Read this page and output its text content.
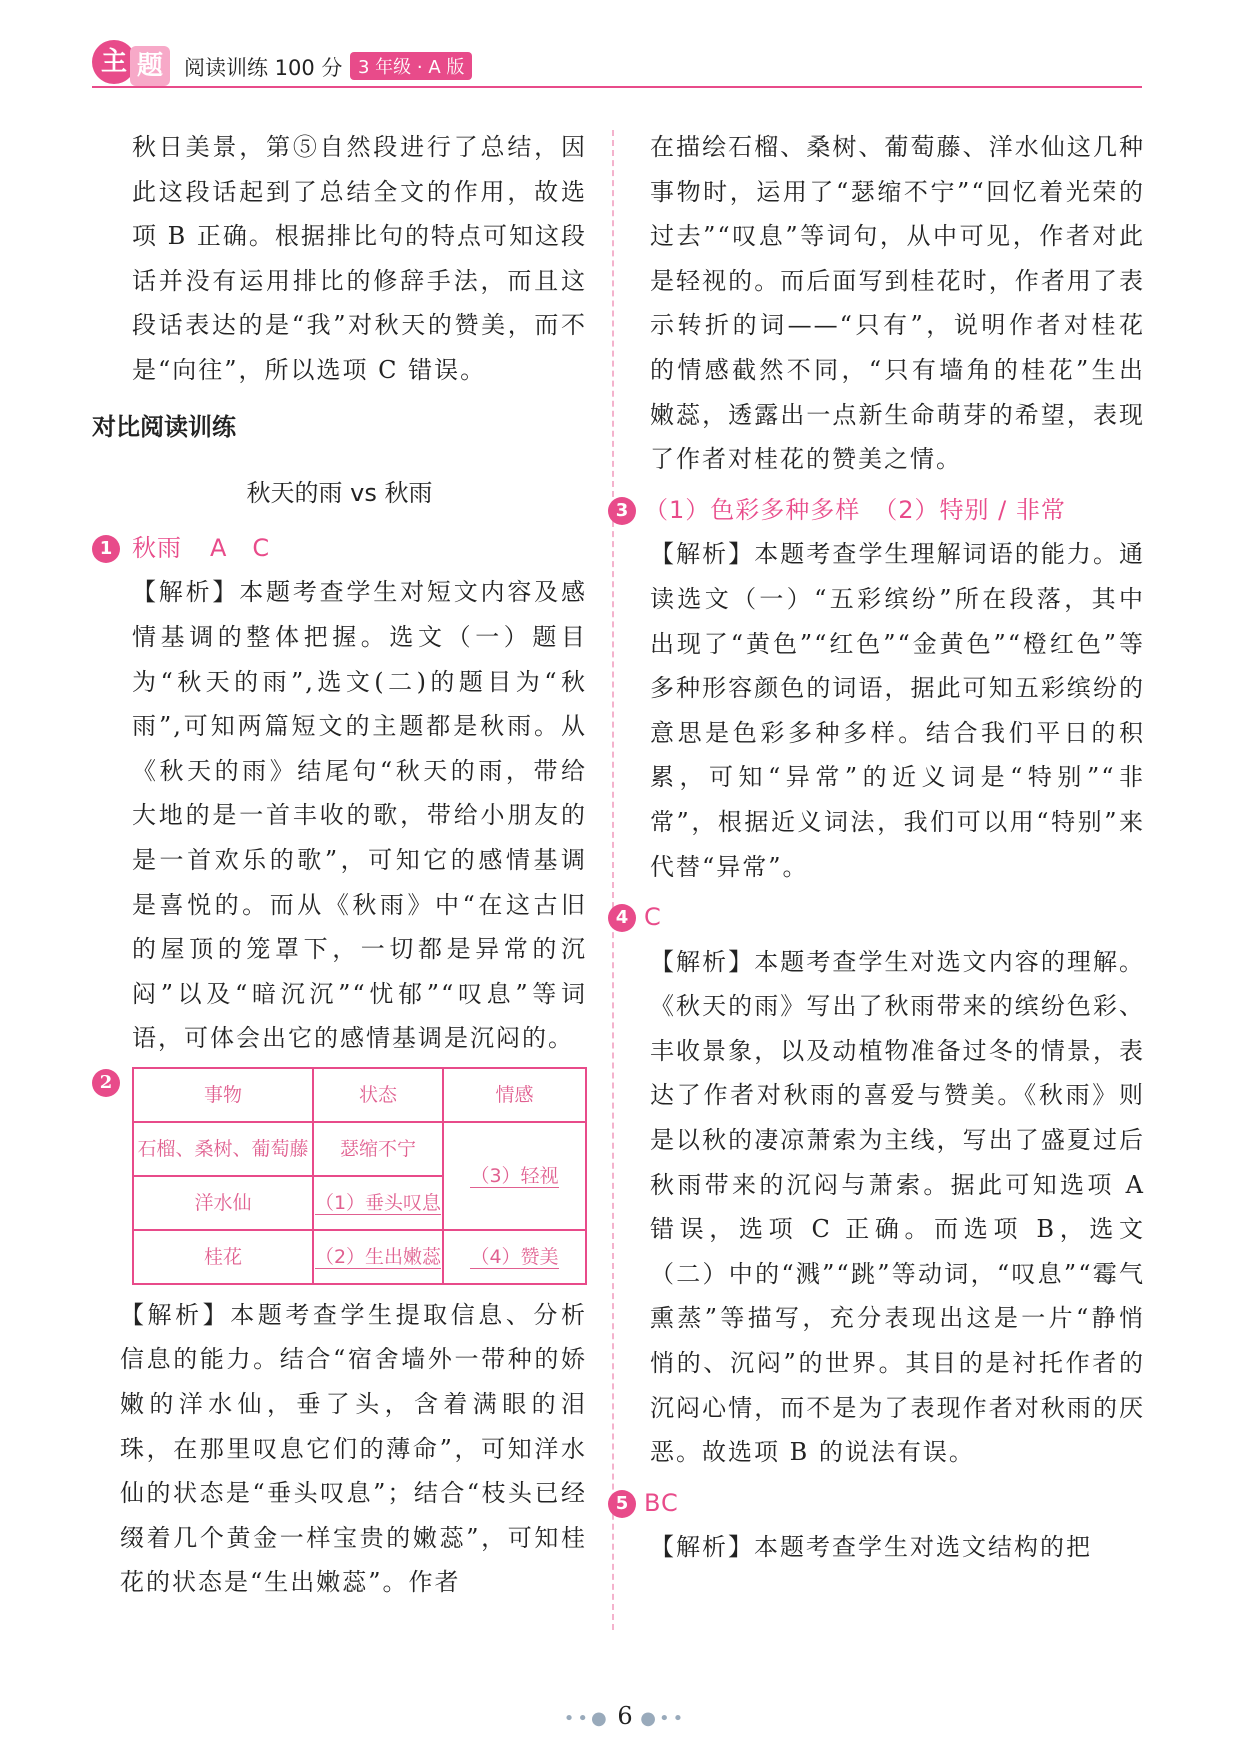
主 题	阅读训练 100 分 3 年级 · A 版

秋日美景，第⑤自然段进行了总结，因此这段话起到了总结全文的作用，故选项 B 正确。根据排比句的特点可知这段话并没有运用排比的修辞手法，而且这段话表达的是“我”对秋天的赞美，而不是“向往”，所以选项 C 错误。

对比阅读训练
秋天的雨 vs 秋雨
1 秋雨 A　C

【解析】本题考查学生对短文内容及感情基调的整体把握。选文（一）题目为“秋天的雨”,选文(二)的题目为“秋雨”,可知两篇短文的主题都是秋雨。从《秋天的雨》结尾句“秋天的雨，带给大地的是一首丰收的歌，带给小朋友的是一首欢乐的歌”，可知它的感情基调是喜悦的。而从《秋雨》中“在这古旧的屋顶的笼罩下，一切都是异常的沉闷”以及“暗沉沉”“忧郁”“叹息”等词语，可体会出它的感情基调是沉闷的。

2
事物	状态	情感
石榴、桑树、葡萄藤	瑟缩不宁	（3）轻视
洋水仙	（1）垂头叹息	
桂花	（2）生出嫩蕊	（4）赞美

【解析】本题考查学生提取信息、分析信息的能力。结合“宿舍墙外一带种的娇嫩的洋水仙，垂了头，含着满眼的泪珠，在那里叹息它们的薄命”，可知洋水仙的状态是“垂头叹息”；结合“枝头已经缀着几个黄金一样宝贵的嫩蕊”，可知桂花的状态是“生出嫩蕊”。作者

在描绘石榴、桑树、葡萄藤、洋水仙这几种事物时，运用了“瑟缩不宁”“回忆着光荣的过去”“叹息”等词句，从中可见，作者对此是轻视的。而后面写到桂花时，作者用了表示转折的词——“只有”，说明作者对桂花的情感截然不同，“只有墙角的桂花”生出嫩蕊，透露出一点新生命萌芽的希望，表现了作者对桂花的赞美之情。

3 （1）色彩多种多样　（2）特别 / 非常

【解析】本题考查学生理解词语的能力。通读选文（一）“五彩缤纷”所在段落，其中出现了“黄色”“红色”“金黄色”“橙红色”等多种形容颜色的词语，据此可知五彩缤纷的意思是色彩多种多样。结合我们平日的积累，可知“异常”的近义词是“特别”“非常”，根据近义词法，我们可以用“特别”来代替“异常”。

4 C

【解析】本题考查学生对选文内容的理解。《秋天的雨》写出了秋雨带来的缤纷色彩、丰收景象，以及动植物准备过冬的情景，表达了作者对秋雨的喜爱与赞美。《秋雨》则是以秋的凄凉萧索为主线，写出了盛夏过后秋雨带来的沉闷与萧索。据此可知选项 A 错误，选项 C 正确。而选项 B，选文（二）中的“溅”“跳”等动词，“叹息”“霉气熏蒸”等描写，充分表现出这是一片“静悄悄的、沉闷”的世界。其目的是衬托作者的沉闷心情，而不是为了表现作者对秋雨的厌恶。故选项 B 的说法有误。

5 BC

【解析】本题考查学生对选文结构的把

••● 6 ●••
